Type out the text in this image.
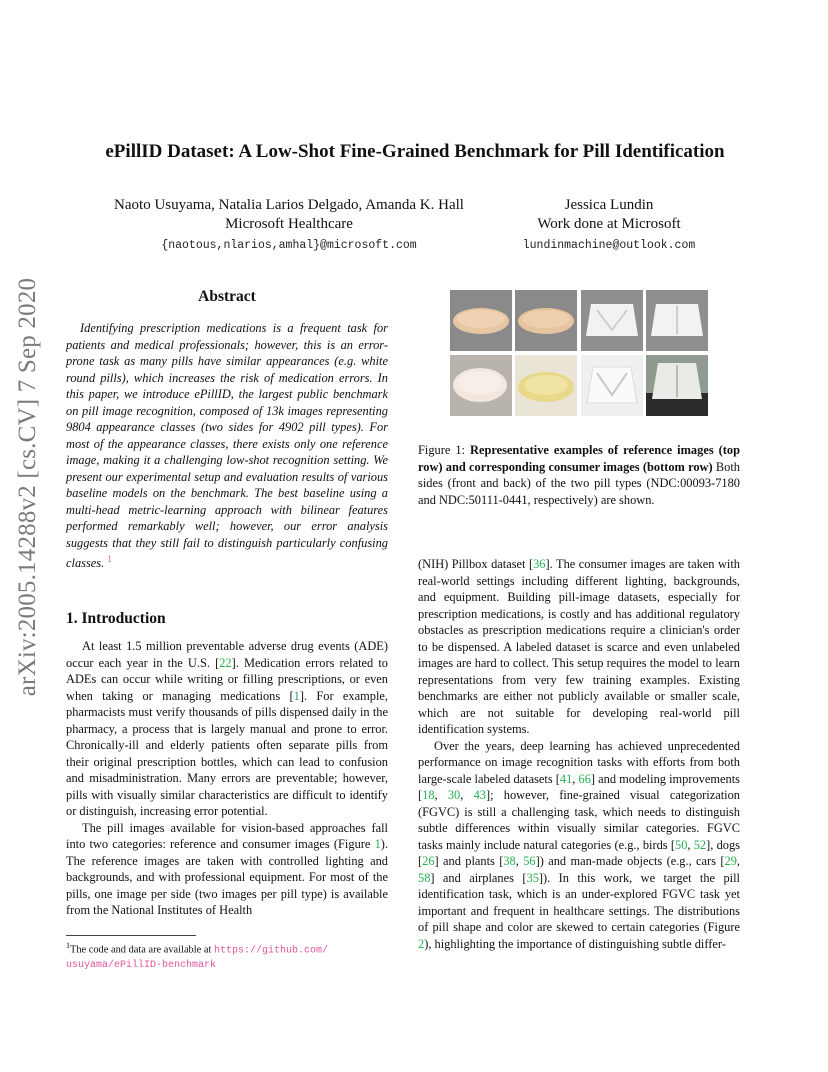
arXiv:2005.14288v2 [cs.CV] 7 Sep 2020
ePillID Dataset: A Low-Shot Fine-Grained Benchmark for Pill Identification
Naoto Usuyama, Natalia Larios Delgado, Amanda K. Hall
Microsoft Healthcare
{naotous,nlarios,amhal}@microsoft.com
Jessica Lundin
Work done at Microsoft
lundinmachine@outlook.com
Abstract
Identifying prescription medications is a frequent task for patients and medical professionals; however, this is an error-prone task as many pills have similar appearances (e.g. white round pills), which increases the risk of medication errors. In this paper, we introduce ePillID, the largest public benchmark on pill image recognition, composed of 13k images representing 9804 appearance classes (two sides for 4902 pill types). For most of the appearance classes, there exists only one reference image, making it a challenging low-shot recognition setting. We present our experimental setup and evaluation results of various baseline models on the benchmark. The best baseline using a multi-head metric-learning approach with bilinear features performed remarkably well; however, our error analysis suggests that they still fail to distinguish particularly confusing classes. $^1$
1. Introduction

At least 1.5 million preventable adverse drug events (ADE) occur each year in the U.S. [22]. Medication errors related to ADEs can occur while writing or filling prescriptions, or even when taking or managing medications [1]. For example, pharmacists must verify thousands of pills dispensed daily in the pharmacy, a process that is largely manual and prone to error. Chronically-ill and elderly patients often separate pills from their original prescription bottles, which can lead to confusion and misadministration. Many errors are preventable; however, pills with visually similar characteristics are difficult to identify or distinguish, increasing error potential.

The pill images available for vision-based approaches fall into two categories: reference and consumer images (Figure 1). The reference images are taken with controlled lighting and backgrounds, and with professional equipment. For most of the pills, one image per side (two images per pill type) is available from the National Institutes of Health

$^1$The code and data are available at https://github.com/
usuyama/ePillID-benchmark
Figure 1: Representative examples of reference images (top row) and corresponding consumer images (bottom row) Both sides (front and back) of the two pill types (NDC:00093-7180 and NDC:50111-0441, respectively) are shown.

(NIH) Pillbox dataset [36]. The consumer images are taken with real-world settings including different lighting, backgrounds, and equipment. Building pill-image datasets, especially for prescription medications, is costly and has additional regulatory obstacles as prescription medications require a clinician's order to be dispensed. A labeled dataset is scarce and even unlabeled images are hard to collect. This setup requires the model to learn representations from very few training examples. Existing benchmarks are either not publicly available or smaller scale, which are not suitable for developing real-world pill identification systems.

Over the years, deep learning has achieved unprecedented performance on image recognition tasks with efforts from both large-scale labeled datasets [41, 66] and modeling improvements [18, 30, 43]; however, fine-grained visual categorization (FGVC) is still a challenging task, which needs to distinguish subtle differences within visually similar categories. FGVC tasks mainly include natural categories (e.g., birds [50, 52], dogs [26] and plants [38, 56]) and man-made objects (e.g., cars [29, 58] and airplanes [35]). In this work, we target the pill identification task, which is an under-explored FGVC task yet important and frequent in healthcare settings. The distributions of pill shape and color are skewed to certain categories (Figure 2), highlighting the importance of distinguishing subtle differ-
